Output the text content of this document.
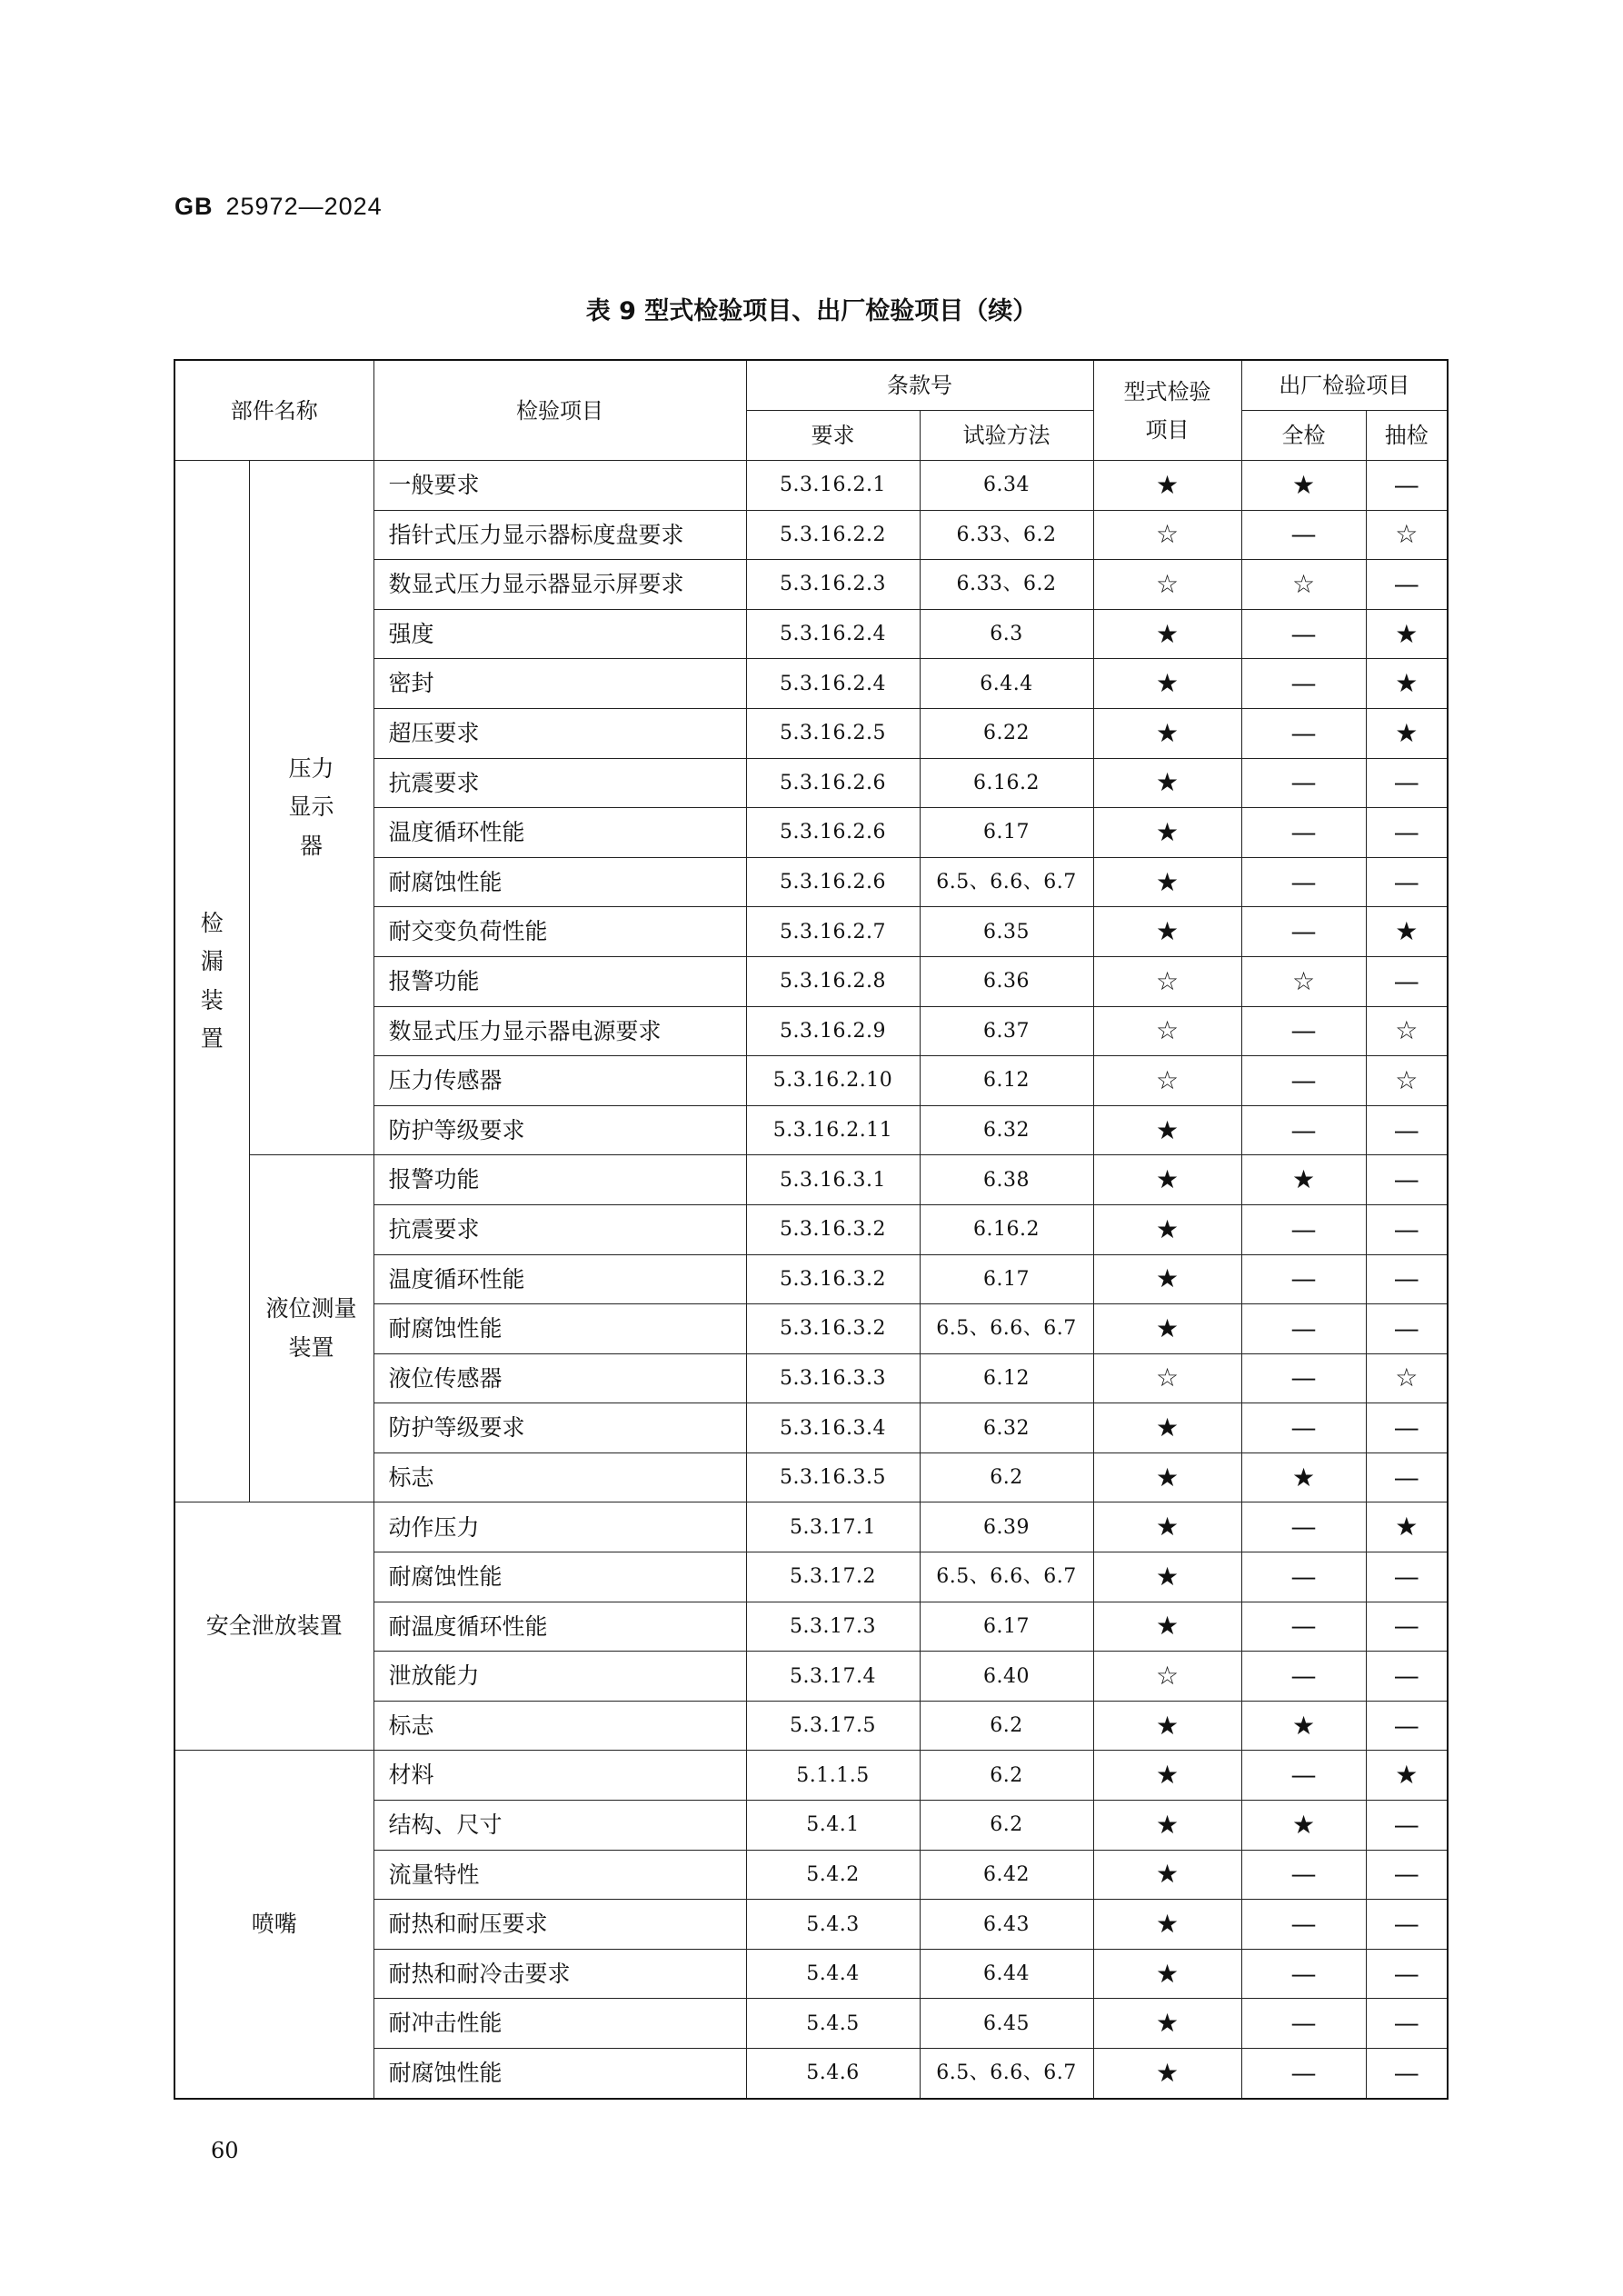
GB 25972—2024
表 9 型式检验项目、出厂检验项目（续）
部件名称		检验项目	条款号		型式检验项目	出厂检验项目	
			要求	试验方法		全检	抽检
检漏装置	压力显示器	一般要求	5.3.16.2.1	6.34	★	★	—
		指针式压力显示器标度盘要求	5.3.16.2.2	6.33、6.2	☆	—	☆
		数显式压力显示器显示屏要求	5.3.16.2.3	6.33、6.2	☆	☆	—
		强度	5.3.16.2.4	6.3	★	—	★
		密封	5.3.16.2.4	6.4.4	★	—	★
		超压要求	5.3.16.2.5	6.22	★	—	★
		抗震要求	5.3.16.2.6	6.16.2	★	—	—
		温度循环性能	5.3.16.2.6	6.17	★	—	—
		耐腐蚀性能	5.3.16.2.6	6.5、6.6、6.7	★	—	—
		耐交变负荷性能	5.3.16.2.7	6.35	★	—	★
		报警功能	5.3.16.2.8	6.36	☆	☆	—
		数显式压力显示器电源要求	5.3.16.2.9	6.37	☆	—	☆
		压力传感器	5.3.16.2.10	6.12	☆	—	☆
		防护等级要求	5.3.16.2.11	6.32	★	—	—
	液位测量装置	报警功能	5.3.16.3.1	6.38	★	★	—
		抗震要求	5.3.16.3.2	6.16.2	★	—	—
		温度循环性能	5.3.16.3.2	6.17	★	—	—
		耐腐蚀性能	5.3.16.3.2	6.5、6.6、6.7	★	—	—
		液位传感器	5.3.16.3.3	6.12	☆	—	☆
		防护等级要求	5.3.16.3.4	6.32	★	—	—
		标志	5.3.16.3.5	6.2	★	★	—
安全泄放装置		动作压力	5.3.17.1	6.39	★	—	★
		耐腐蚀性能	5.3.17.2	6.5、6.6、6.7	★	—	—
		耐温度循环性能	5.3.17.3	6.17	★	—	—
		泄放能力	5.3.17.4	6.40	☆	—	—
		标志	5.3.17.5	6.2	★	★	—
喷嘴		材料	5.1.1.5	6.2	★	—	★
		结构、尺寸	5.4.1	6.2	★	★	—
		流量特性	5.4.2	6.42	★	—	—
		耐热和耐压要求	5.4.3	6.43	★	—	—
		耐热和耐冷击要求	5.4.4	6.44	★	—	—
		耐冲击性能	5.4.5	6.45	★	—	—
		耐腐蚀性能	5.4.6	6.5、6.6、6.7	★	—	—
60
